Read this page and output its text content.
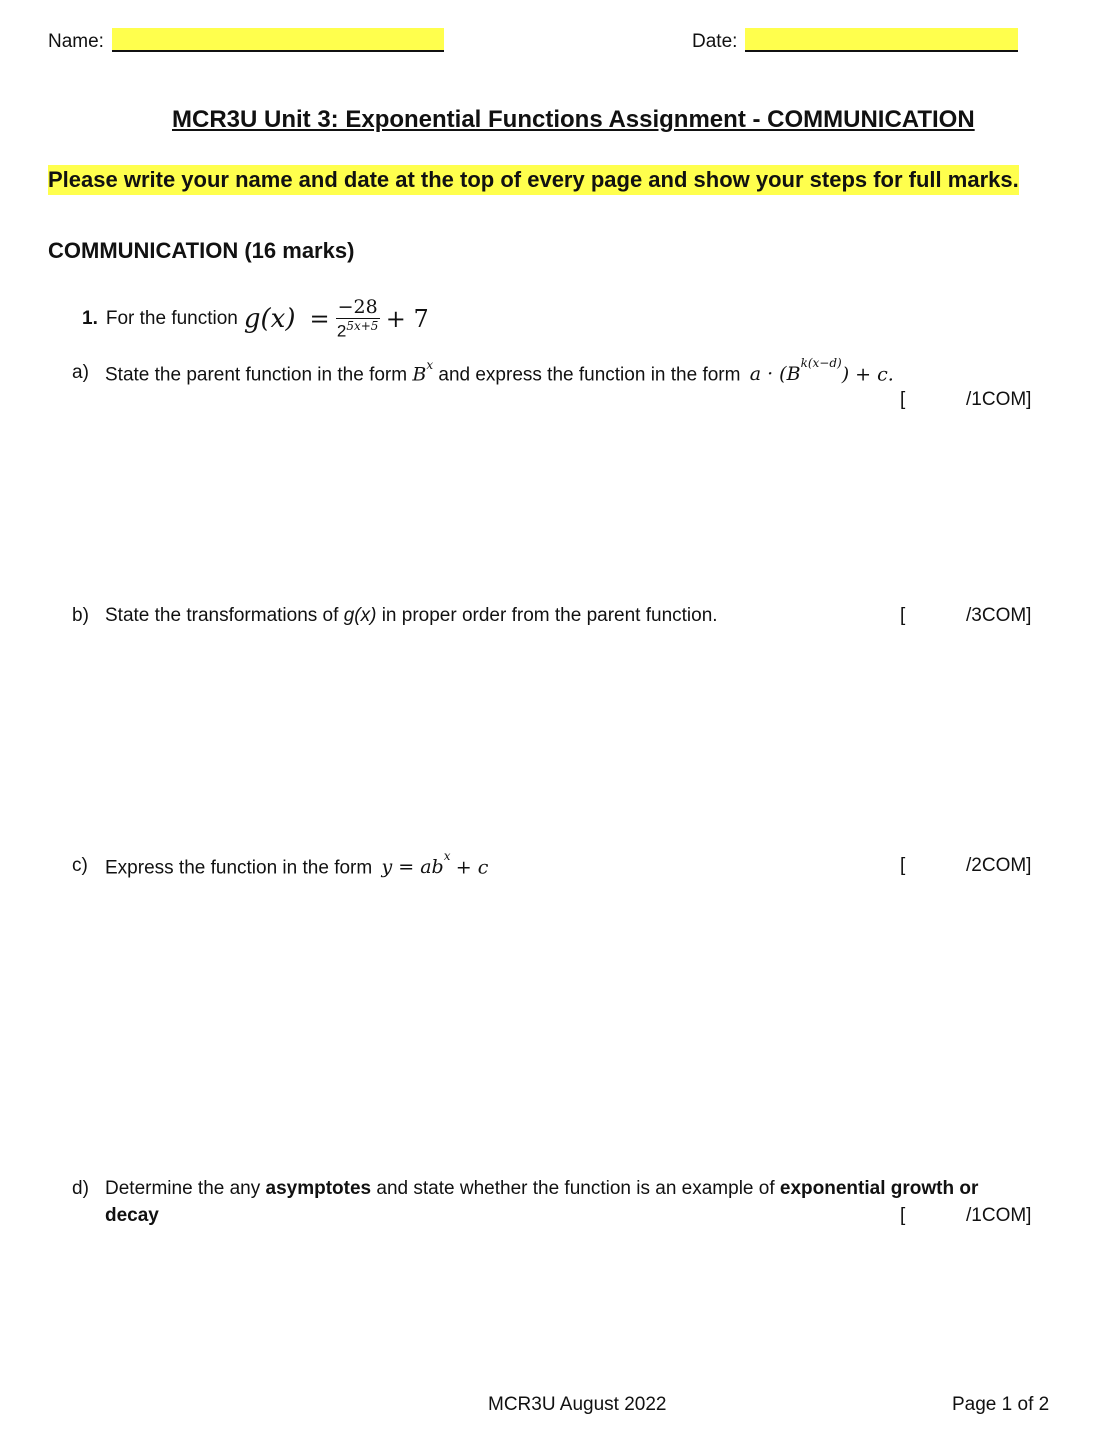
Name:	Date:
MCR3U Unit 3: Exponential Functions Assignment - COMMUNICATION
Please write your name and date at the top of every page and show your steps for full marks.
COMMUNICATION (16 marks)
1. For the function $g(x) = \frac{-28}{2^{5x+5}} + 7$
a) State the parent function in the form $B^x$ and express the function in the form $a \cdot (B^{k(x-d)}) + c$.
[	/1COM]
b) State the transformations of g(x) in proper order from the parent function.	[	/3COM]
c) Express the function in the form $y = ab^x + c$	[	/2COM]
d) Determine the any asymptotes and state whether the function is an example of exponential growth or
decay	[	/1COM]
MCR3U August 2022	Page 1 of 2
